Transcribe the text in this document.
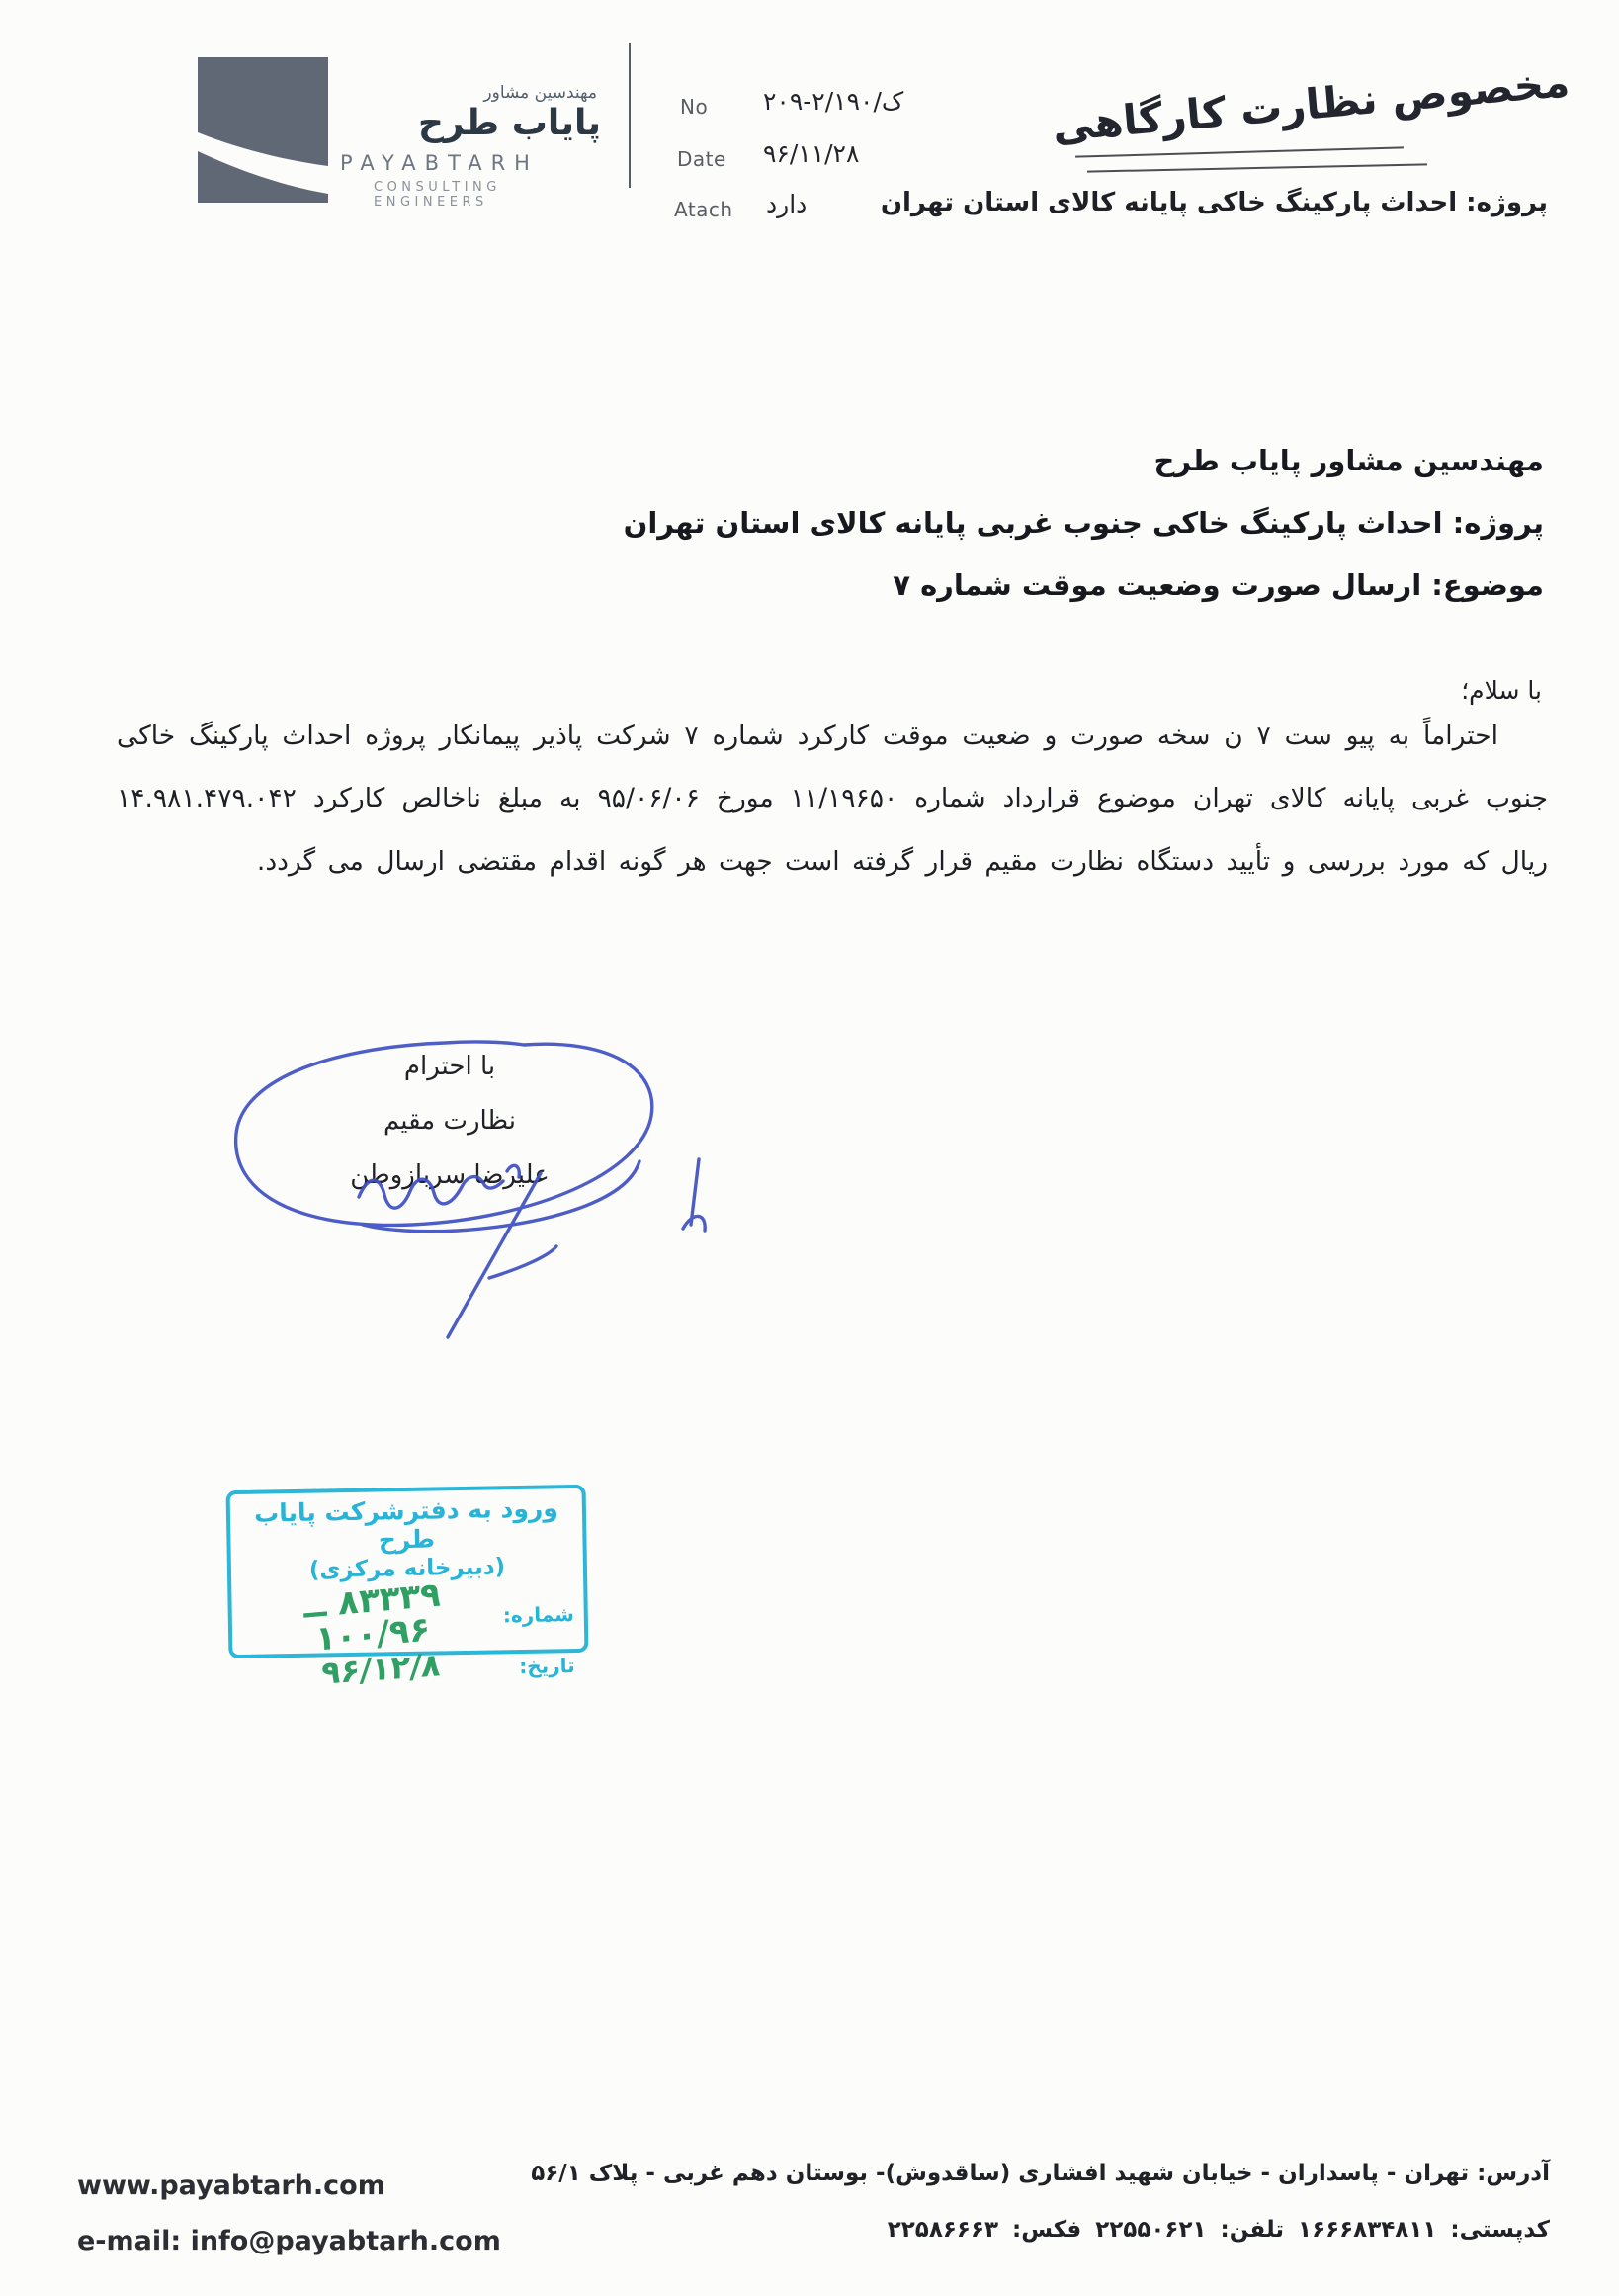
مهندسین مشاور
پایاب طرح
PAYABTARH
CONSULTING ENGINEERS
No ۲۰۹-۲/ک/۱۹۰
Date ۹۶/۱۱/۲۸
Atach دارد
مخصوص نظارت کارگاهی
پروژه: احداث پارکینگ خاکی پایانه کالای استان تهران
مهندسین مشاور پایاب طرح
پروژه: احداث پارکینگ خاکی جنوب غربی پایانه کالای استان تهران
موضوع: ارسال صورت وضعیت موقت شماره ۷
با سلام؛
احتراماً به پیو ست ۷ ن سخه صورت و ضعیت موقت کارکرد شماره ۷ شرکت پاذیر پیمانکار پروژه احداث پارکینگ خاکی
جنوب غربی پایانه کالای تهران موضوع قرارداد شماره ۱۱/۱۹۶۵۰ مورخ ۹۵/۰۶/۰۶ به مبلغ ناخالص کارکرد ۱۴.۹۸۱.۴۷۹.۰۴۲
ریال که مورد بررسی و تأیید دستگاه نظارت مقیم قرار گرفته است جهت هر گونه اقدام مقتضی ارسال می گردد.
با احترام
نظارت مقیم
علیرضا سربازوطن
ورود به دفترشرکت پایاب طرح
(دبیرخانه مرکزی)
شماره:
۸۳۳۳۹ ــ ۱۰۰/۹۶
تاریخ:
۹۶/۱۲/۸
www.payabtarh.com
e-mail: info@payabtarh.com
آدرس: تهران - پاسداران - خیابان شهید افشاری (ساقدوش)- بوستان دهم غربی - پلاک ۵۶/۱
کدپستی: ۱۶۶۶۸۳۴۸۱۱ تلفن: ۲۲۵۵۰۶۲۱ فکس: ۲۲۵۸۶۶۶۳
